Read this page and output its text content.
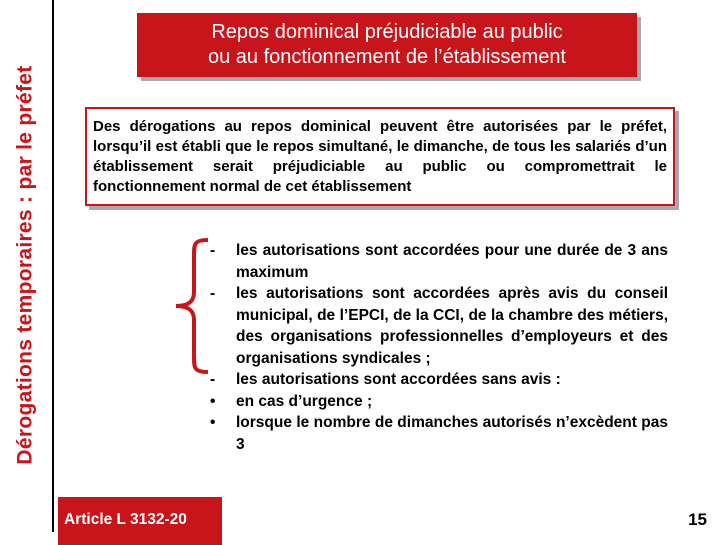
Dérogations temporaires : par le préfet
Repos dominical préjudiciable au public
ou au fonctionnement de l’établissement
Des dérogations au repos dominical peuvent être autorisées par le préfet, lorsqu’il est établi que le repos simultané, le dimanche, de tous les salariés d’un établissement serait préjudiciable au public ou compromettrait le fonctionnement normal de cet établissement
-	les autorisations sont accordées pour une durée de 3 ans maximum
-	les autorisations sont accordées après avis du conseil municipal, de l’EPCI, de la CCI, de la chambre des métiers, des organisations professionnelles d’employeurs et des organisations syndicales ;
-	les autorisations sont accordées sans avis :
•	en cas d’urgence ;
•	lorsque le nombre de dimanches autorisés n’excèdent pas 3
Article L 3132-20	15
